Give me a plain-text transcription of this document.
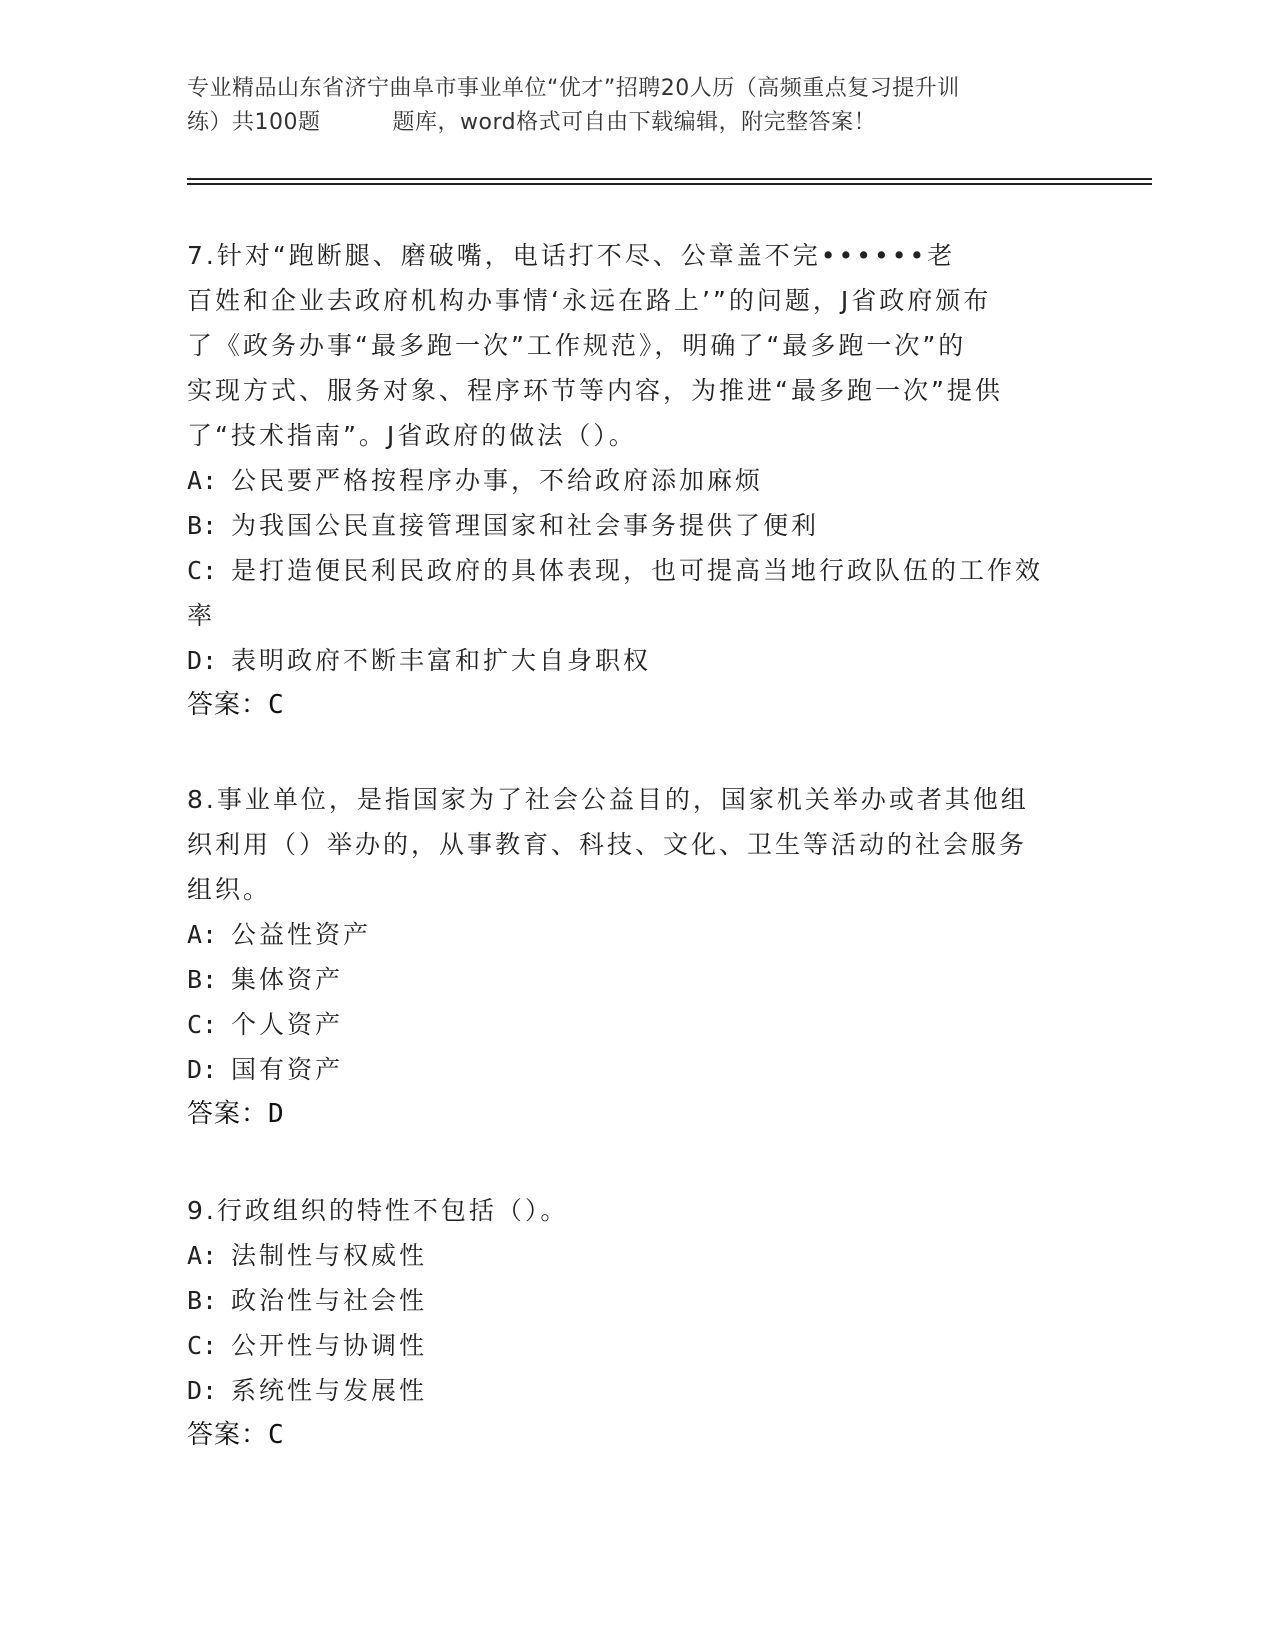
专业精品山东省济宁曲阜市事业单位“优才”招聘20人历（高频重点复习提升训
练）共100题	题库，word格式可自由下载编辑，附完整答案！

7.针对“跑断腿、磨破嘴，电话打不尽、公章盖不完••••••老

百姓和企业去政府机构办事情‘永远在路上’”的问题，J省政府颁布

了《政务办事“最多跑一次”工作规范》，明确了“最多跑一次”的

实现方式、服务对象、程序环节等内容，为推进“最多跑一次”提供

了“技术指南”。J省政府的做法（）。

A: 公民要严格按程序办事，不给政府添加麻烦

B: 为我国公民直接管理国家和社会事务提供了便利

C: 是打造便民利民政府的具体表现，也可提高当地行政队伍的工作效

率

D: 表明政府不断丰富和扩大自身职权

答案：C

8.事业单位，是指国家为了社会公益目的，国家机关举办或者其他组

织利用（）举办的，从事教育、科技、文化、卫生等活动的社会服务

组织。

A: 公益性资产

B: 集体资产

C: 个人资产

D: 国有资产

答案：D

9.行政组织的特性不包括（）。

A: 法制性与权威性

B: 政治性与社会性

C: 公开性与协调性

D: 系统性与发展性

答案：C
